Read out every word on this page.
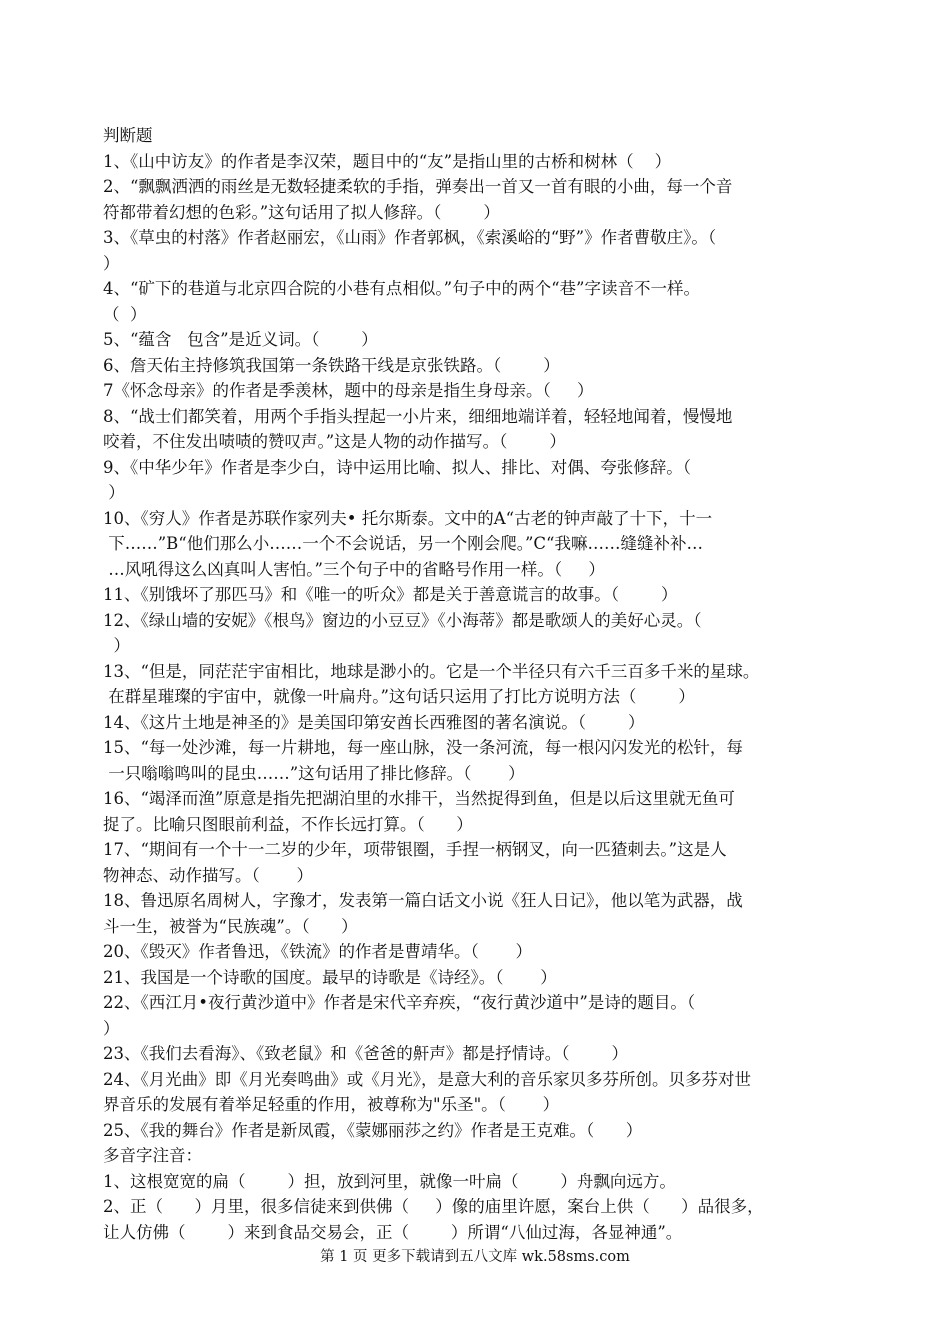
判断题
1、《山中访友》的作者是李汉荣，题目中的“友”是指山里的古桥和树林（    ）
2、“飘飘洒洒的雨丝是无数轻捷柔软的手指，弹奏出一首又一首有眼的小曲，每一个音
符都带着幻想的色彩。”这句话用了拟人修辞。（        ）
3、《草虫的村落》作者赵丽宏，《山雨》作者郭枫，《索溪峪的“野”》作者曹敬庄》。（
）
4、“矿下的巷道与北京四合院的小巷有点相似。”句子中的两个“巷”字读音不一样。
（  ）
5、“蕴含   包含”是近义词。（        ）
6、詹天佑主持修筑我国第一条铁路干线是京张铁路。（        ）
7《怀念母亲》的作者是季羡林，题中的母亲是指生身母亲。（     ）
8、“战士们都笑着，用两个手指头捏起一小片来，细细地端详着，轻轻地闻着，慢慢地
咬着，不住发出啧啧的赞叹声。”这是人物的动作描写。（        ）
9、《中华少年》作者是李少白，诗中运用比喻、拟人、排比、对偶、夸张修辞。（
）
10、《穷人》作者是苏联作家列夫• 托尔斯泰。文中的A“古老的钟声敲了十下，十一
下……”B“他们那么小……一个不会说话，另一个刚会爬。”C“我嘛……缝缝补补…
…风吼得这么凶真叫人害怕。”三个句子中的省略号作用一样。（     ）
11、《别饿坏了那匹马》和《唯一的听众》都是关于善意谎言的故事。（        ）
12、《绿山墙的安妮》《根鸟》窗边的小豆豆》《小海蒂》都是歌颂人的美好心灵。（
）
13、“但是，同茫茫宇宙相比，地球是渺小的。它是一个半径只有六千三百多千米的星球。
在群星璀璨的宇宙中，就像一叶扁舟。”这句话只运用了打比方说明方法（        ）
14、《这片土地是神圣的》是美国印第安酋长西雅图的著名演说。（        ）
15、“每一处沙滩，每一片耕地，每一座山脉，没一条河流，每一根闪闪发光的松针，每
一只嗡嗡鸣叫的昆虫……”这句话用了排比修辞。（       ）
16、“竭泽而渔”原意是指先把湖泊里的水排干，当然捉得到鱼，但是以后这里就无鱼可
捉了。比喻只图眼前利益，不作长远打算。（      ）
17、“期间有一个十一二岁的少年，项带银圈，手捏一柄钢叉，向一匹猹刺去。”这是人
物神态、动作描写。（       ）
18、鲁迅原名周树人，字豫才，发表第一篇白话文小说《狂人日记》，他以笔为武器，战
斗一生，被誉为“民族魂”。（      ）
20、《毁灭》作者鲁迅，《铁流》的作者是曹靖华。（       ）
21、我国是一个诗歌的国度。最早的诗歌是《诗经》。（       ）
22、《西江月•夜行黄沙道中》作者是宋代辛弃疾，“夜行黄沙道中”是诗的题目。（
）
23、《我们去看海》、《致老鼠》和《爸爸的鼾声》都是抒情诗。（        ）
24、《月光曲》即《月光奏鸣曲》或《月光》，是意大利的音乐家贝多芬所创。贝多芬对世
界音乐的发展有着举足轻重的作用，被尊称为"乐圣"。（       ）
25、《我的舞台》作者是新凤霞，《蒙娜丽莎之约》作者是王克难。（      ）
多音字注音：
1、这根宽宽的扁（        ）担，放到河里，就像一叶扁（        ）舟飘向远方。
2、正（      ）月里，很多信徒来到供佛（     ）像的庙里许愿，案台上供（      ）品很多，
让人仿佛（        ）来到食品交易会，正（        ）所谓“八仙过海，各显神通”。
第 1 页 更多下载请到五八文库 wk.58sms.com
